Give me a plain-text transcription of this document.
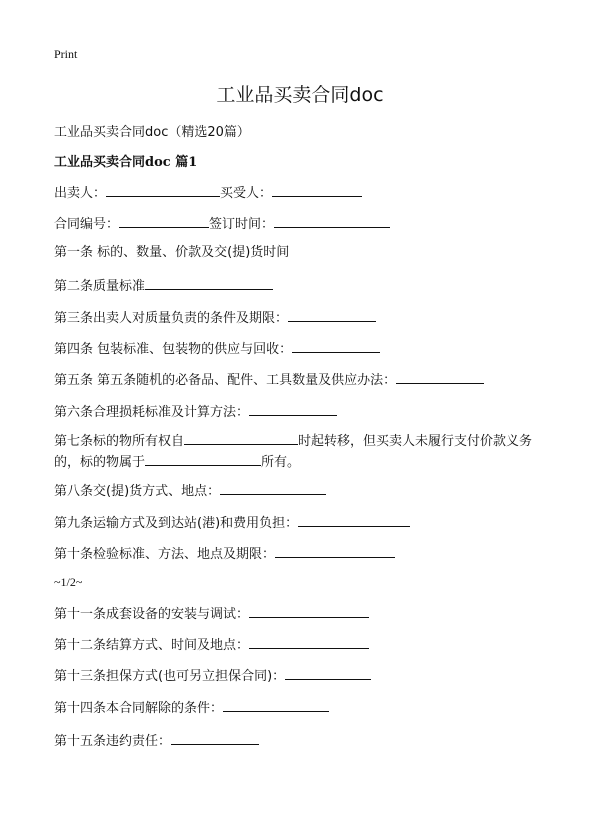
Print
工业品买卖合同doc
工业品买卖合同doc（精选20篇）
工业品买卖合同doc 篇1
出卖人：	买受人：
合同编号：	签订时间：
第一条 标的、数量、价款及交(提)货时间
第二条质量标准
第三条出卖人对质量负责的条件及期限：
第四条 包装标准、包装物的供应与回收：
第五条 第五条随机的必备品、配件、工具数量及供应办法：
第六条合理损耗标准及计算方法：
第七条标的物所有权自	时起转移，但买卖人未履行支付价款义务的，标的物属于	所有。
第八条交(提)货方式、地点：
第九条运输方式及到达站(港)和费用负担：
第十条检验标准、方法、地点及期限：
~1/2~
第十一条成套设备的安装与调试：
第十二条结算方式、时间及地点：
第十三条担保方式(也可另立担保合同)：
第十四条本合同解除的条件：
第十五条违约责任：
